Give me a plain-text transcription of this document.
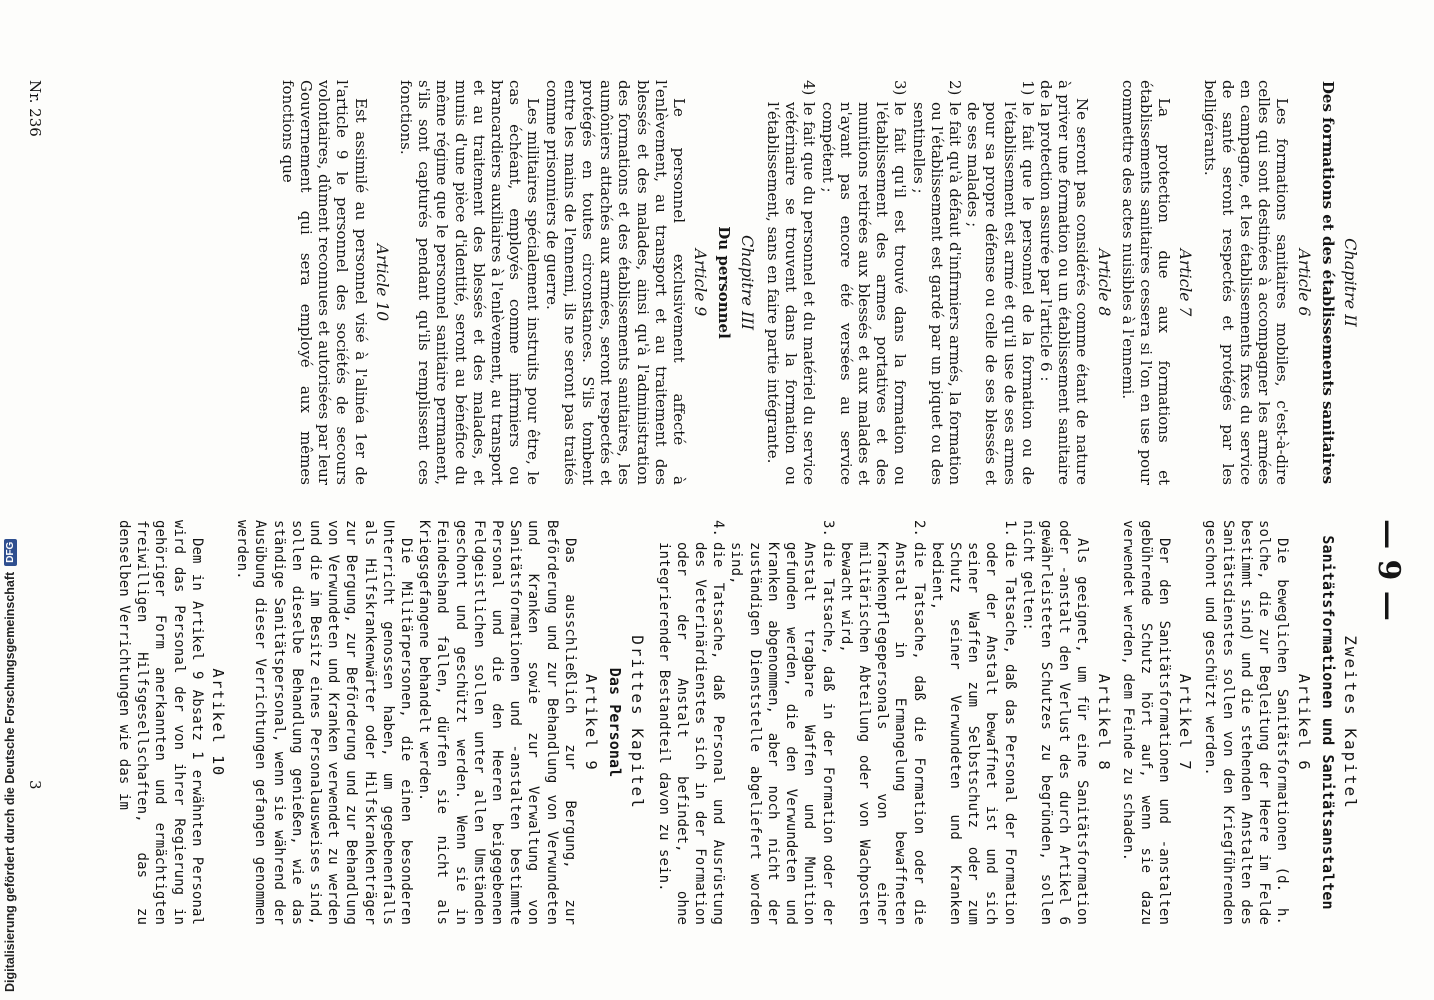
— 9 —
Chapitre II
Des formations et des établissements sanitaires
Article 6

Les formations sanitaires mobiles, c'est-à-dire celles qui sont destinées à accompagner les armées en campagne, et les établissements fixes du service de santé seront respectés et protégés par les belligérants.

Article 7

La protection due aux formations et établissements sanitaires cessera si l'on en use pour commettre des actes nuisibles à l'ennemi.

Article 8

Ne seront pas considérés comme étant de nature à priver une formation ou un établissement sanitaire de la protection assurée par l'article 6 :

1)
le fait que le personnel de la formation ou de l'établissement est armé et qu'il use de ses armes pour sa propre défense ou celle de ses blessés et de ses malades ;

2)
le fait qu'à défaut d'infirmiers armés, la formation ou l'établissement est gardé par un piquet ou des sentinelles ;

3)
le fait qu'il est trouvé dans la formation ou l'établissement des armes portatives et des munitions retirées aux blessés et aux malades et n'ayant pas encore été versées au service compétent ;

4)
le fait que du personnel et du matériel du service vétérinaire se trouvent dans la formation ou l'établissement, sans en faire partie intégrante.

Chapitre III
Du personnel
Article 9

Le personnel exclusivement affecté à l'enlèvement, au transport et au traitement des blessés et des malades, ainsi qu'à l'administration des formations et des établissements sanitaires, les aumôniers attachés aux armées, seront respectés et protégés en toutes circonstances. S'ils tombent entre les mains de l'ennemi, ils ne seront pas traités comme prisonniers de guerre.

Les militaires spécialement instruits pour être, le cas échéant, employés comme infirmiers ou brancardiers auxiliaires à l'enlèvement, au transport et au traitement des blessés et des malades, et munis d'une pièce d'identité, seront au bénéfice du même régime que le personnel sanitaire permanent, s'ils sont capturés pendant qu'ils remplissent ces fonctions.

Article 10

Est assimilé au personnel visé à l'alinéa 1er de l'article 9 le personnel des sociétés de secours volontaires, dûment reconnues et autorisées par leur Gouvernement qui sera employé aux mêmes fonctions que

Zweites Kapitel
Sanitätsformationen und Sanitätsanstalten
Artikel 6

Die beweglichen Sanitätsformationen (d. h. solche, die zur Begleitung der Heere im Felde bestimmt sind) und die stehenden Anstalten des Sanitätsdienstes sollen von den Kriegführenden geschont und geschützt werden.

Artikel 7

Der den Sanitätsformationen und -anstalten gebührende Schutz hört auf, wenn sie dazu verwendet werden, dem Feinde zu schaden.

Artikel 8

Als geeignet, um für eine Sanitätsformation oder -anstalt den Verlust des durch Artikel 6 gewährleisteten Schutzes zu begründen, sollen nicht gelten:

1.
die Tatsache, daß das Personal der Formation oder der Anstalt bewaffnet ist und sich seiner Waffen zum Selbstschutz oder zum Schutz seiner Verwundeten und Kranken bedient,

2.
die Tatsache, daß die Formation oder die Anstalt in Ermangelung bewaffneten Krankenpflegepersonals von einer militärischen Abteilung oder von Wachposten bewacht wird,

3.
die Tatsache, daß in der Formation oder der Anstalt tragbare Waffen und Munition gefunden werden, die den Verwundeten und Kranken abgenommen, aber noch nicht der zuständigen Dienststelle abgeliefert worden sind,

4.
die Tatsache, daß Personal und Ausrüstung des Veterinärdienstes sich in der Formation oder der Anstalt befindet, ohne integrierender Bestandteil davon zu sein.

Drittes Kapitel
Das Personal
Artikel 9

Das ausschließlich zur Bergung, zur Beförderung und zur Behandlung von Verwundeten und Kranken sowie zur Verwaltung von Sanitätsformationen und -anstalten bestimmte Personal und die den Heeren beigegebenen Feldgeistlichen sollen unter allen Umständen geschont und geschützt werden. Wenn sie in Feindeshand fallen, dürfen sie nicht als Kriegsgefangene behandelt werden.

Die Militärpersonen, die einen besonderen Unterricht genossen haben, um gegebenenfalls als Hilfskrankenwärter oder Hilfskrankenträger zur Bergung, zur Beförderung und zur Behandlung von Verwundeten und Kranken verwendet zu werden und die im Besitz eines Personalausweises sind, sollen dieselbe Behandlung genießen, wie das ständige Sanitätspersonal, wenn sie während der Ausübung dieser Verrichtungen gefangen genommen werden.

Artikel 10

Dem in Artikel 9 Absatz 1 erwähnten Personal wird das Personal der von ihrer Regierung in gehöriger Form anerkannten und ermächtigten freiwilligen Hilfsgesellschaften, das zu denselben Verrichtungen wie das im

Nr. 236
3
Digitalisierung gefördert durch die Deutsche Forschungsgemeinschaft
DFG
